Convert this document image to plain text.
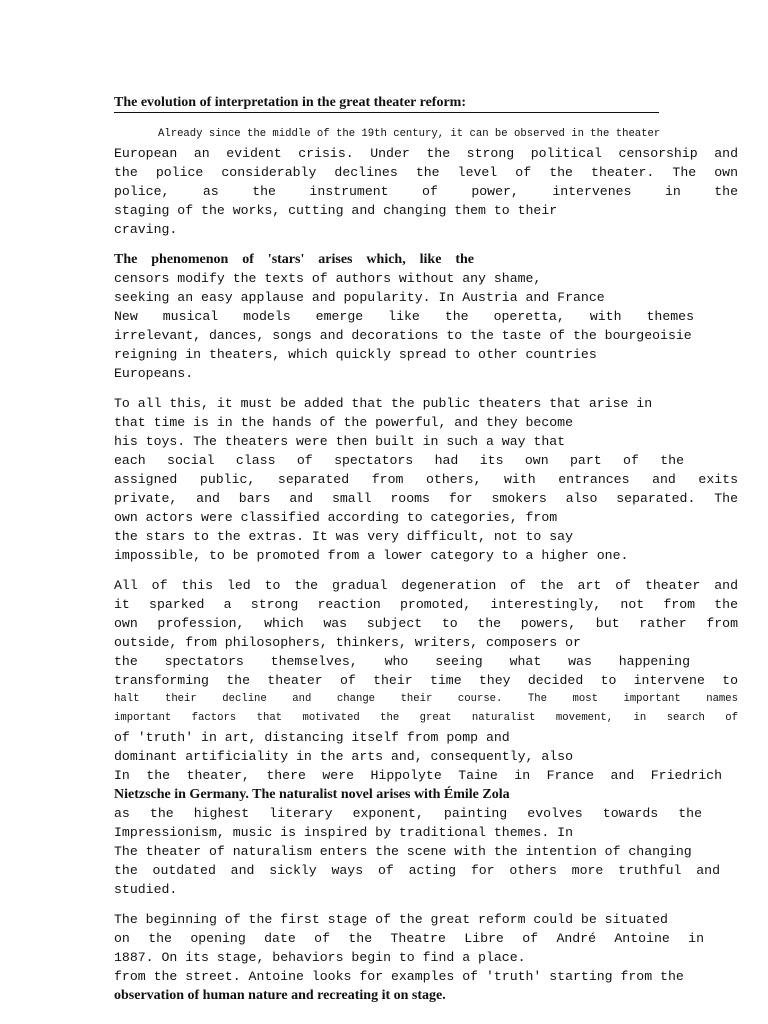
The evolution of interpretation in the great theater reform:
Already since the middle of the 19th century, it can be observed in the theater
European an evident crisis. Under the strong political censorship and
the police considerably declines the level of the theater. The own
police, as the instrument of power, intervenes in the
staging of the works, cutting and changing them to their
craving.
The phenomenon of 'stars' arises which, like the
censors modify the texts of authors without any shame,
seeking an easy applause and popularity. In Austria and France
New musical models emerge like the operetta, with themes
irrelevant, dances, songs and decorations to the taste of the bourgeoisie
reigning in theaters, which quickly spread to other countries
Europeans.
To all this, it must be added that the public theaters that arise in
that time is in the hands of the powerful, and they become
his toys. The theaters were then built in such a way that
each social class of spectators had its own part of the
assigned public, separated from others, with entrances and exits
private, and bars and small rooms for smokers also separated. The
own actors were classified according to categories, from
the stars to the extras. It was very difficult, not to say
impossible, to be promoted from a lower category to a higher one.
All of this led to the gradual degeneration of the art of theater and
it sparked a strong reaction promoted, interestingly, not from the
own profession, which was subject to the powers, but rather from
outside, from philosophers, thinkers, writers, composers or
the spectators themselves, who seeing what was happening
transforming the theater of their time they decided to intervene to
halt their decline and change their course. The most important names
important factors that motivated the great naturalist movement, in search of
of 'truth' in art, distancing itself from pomp and
dominant artificiality in the arts and, consequently, also
In the theater, there were Hippolyte Taine in France and Friedrich
Nietzsche in Germany. The naturalist novel arises with Émile Zola
as the highest literary exponent, painting evolves towards the
Impressionism, music is inspired by traditional themes. In
The theater of naturalism enters the scene with the intention of changing
the outdated and sickly ways of acting for others more truthful and
studied.
The beginning of the first stage of the great reform could be situated
on the opening date of the Theatre Libre of André Antoine in
1887. On its stage, behaviors begin to find a place.
from the street. Antoine looks for examples of 'truth' starting from the
observation of human nature and recreating it on stage.
